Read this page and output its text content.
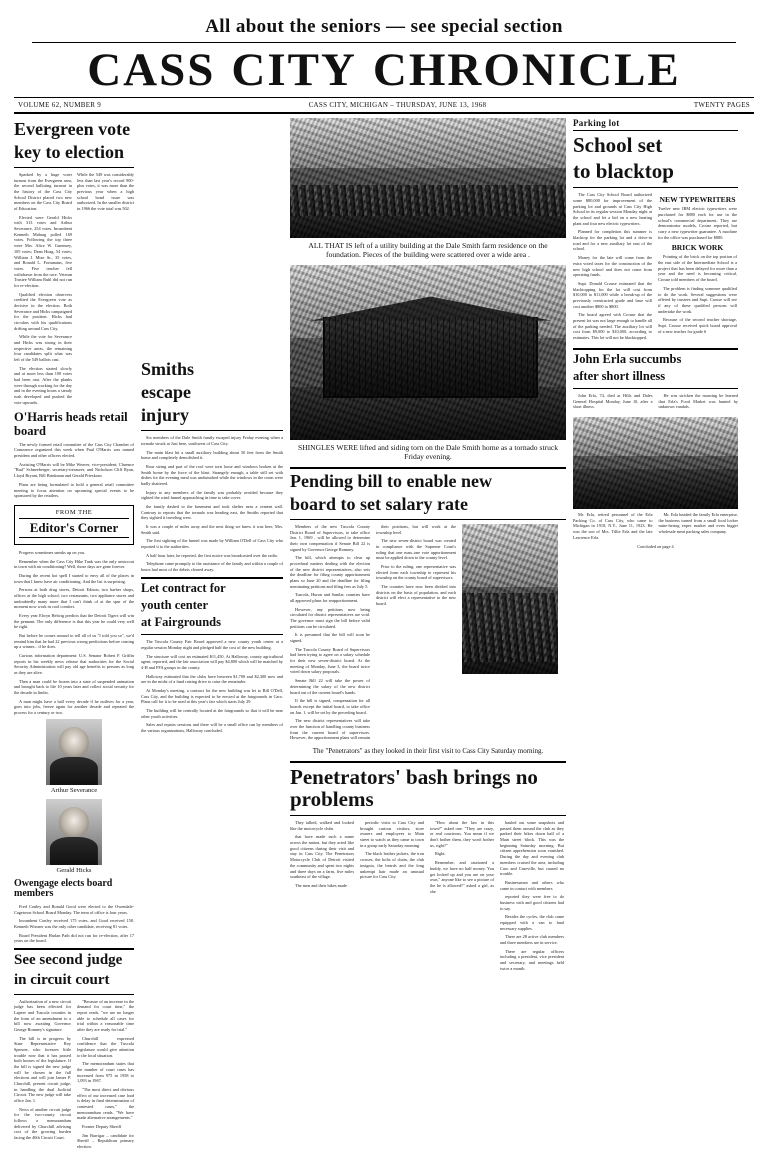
All about the seniors — see special section
CASS CITY CHRONICLE
VOLUME 62, NUMBER 9	CASS CITY, MICHIGAN – THURSDAY, JUNE 13, 1968	TWENTY PAGES
Evergreen vote
key to election

Sparked by a huge voter turnout from the Evergreen area, the second balloting turnout in the history of the Cass City School District placed two new members on the Cass City Board of Education.

Elected were Gerald Hicks with 313 votes and Arthur Severance, 254 votes. Incumbent Kenneth Maharg polled 169 votes. Following the top three were Mrs. Alice W. Guernsey, 105 votes; Dean Hoag, 54 votes; William J. Mize Sr., 35 votes, and Ronald L. Fortunatus, five votes. Five teacher fell withdrawn from the race. Veteran Trustee William Ruhl did not run for re-election.

Qualified election observers credited the Evergreen vote as decisive in the election. Both Severance and Hicks campaigned for the position. Hicks had circulars with his qualifications drifting around Cass City.

While the vote for Severance and Hicks was strong in their respective areas, the remaining four candidates split what was left of the 549 ballots cast.

The election started slowly and at noon less than 100 votes had been cast. After the planks were through working for the day and in the evening hours a steady rush developed and pushed the vote upwards.

While the 549 was considerably less than last year's record 900-plus votes, it was more than the previous year when a high school bond issue was authorized. In the smaller district in 1966 the vote total was 502.
O'Harris heads retail board

The newly formed retail committee of the Cass City Chamber of Commerce organized this week when Paul O'Harris was named president and other officers elected.

Assisting O'Harris will be Mike Weaver, vice-president; Clarence "Bud" Schneeberger, secretary-treasurer, and Nicholson Cliff Ryan, Lloyd Bryant, Bill Brinkman and Gerald Prieskorn.

Plans are being formulated to hold a general retail committee meeting to focus attention on upcoming special events to be sponsored by the retailers.

FROM THE
Editor's Corner

Progress sometimes sneaks up on you.

Remember when the Cass City Hike Tank was the only aristocrat in town with air conditioning? Well, those days are gone forever.

During the recent hot spell I started to envy all of the places in town that I knew have air conditioning. And the list is surprising.

Persons at both drug stores, Detroit Edison, two barber shops, offices at the high school, two restaurants, two appliance stores and undoubtedly many more that I can't think of at the spur of the moment now work in cool comfort.

Every year Elwyn Helwig predicts that the Detroit Tigers will win the pennant. The only difference is that this year he could very well be right.

But before he comes around to tell all of us "I told you so", we'd remind him that he had 22 previous wrong predictions before coming up a winner... if he does.

Curious information department: U.S. Senator Robert F. Griffin reports in his weekly news release that authorities for the Social Security Administration will pay old age benefits to persons as long as they are alive.

Then a man could be frozen into a state of suspended animation and brought back to life 10 years later and collect social security for the decade in limbo.

A man might have a ball every decade if he outlives for a year, goes into jobs, freeze again for another decade and repeated the process for a century or two.

Arthur Severance
Gerald Hicks
Owengage elects board members

Fred Conley and Ronald Good were elected to the Owendale-Cagetown School Board Monday. The term of office is four years.

Incumbent Conley received 175 votes, and Good received 158. Kenneth Wissner was the only other candidate, receiving 81 votes.

Board President Harlan Path did not run for re-election, after 17 years on the board.

See second judge
in circuit court

Authorization of a new circuit judge has been effected for Lapeer and Tuscola counties in the form of an amendment to a bill now awaiting Governor George Romney's signature.

The bill is in progress by State Representative Roy Spencer, who foresees little trouble now that it has passed both houses of the legislature. If the bill is signed the new judge will be chosen in the fall elections and will join James P. Churchill, present circuit judge, in handling the dual Judicial Circuit. The new judge will take office Jan. 1.

News of another circuit judge for the two-county circuit follows a memorandum delivered by Churchill advising cost of the growing burden facing the 40th Circuit Court.

"Because of an increase in the demand for court time," the report reads, "we are no longer able to schedule all cases for trial within a reasonable time after they are ready for trial."

Churchill expressed confidence that the Tuscola legislature would give attention to the local situation.

The memorandum states that the number of court cases has increased from 975 in 1958 to 1,093 in 1967.

"The most direct and obvious effect of our increased case load is delay in final determination of contested cases," the memorandum reads. "We have made alternative arrangements."

Former Deputy Sheriff

Jim Barrigar – candidate for Sheriff – Republican primary election.

Smiths
escape
injury

Six members of the Dale Smith family escaped injury Friday evening when a tornado struck at Just here, southwest of Cass City.

The main blast hit a small auxiliary building about 50 feet from the Smith home and completely demolished it.

Roar sizing and part of the roof were torn loose and windows broken at the Smith home by the force of the blast. Strangely enough, a table still set with dishes for the evening meal was undisturbed while the windows in the room were badly shattered.

Injury to any members of the family was probably avoided because they sighted the wind funnel approaching in time to take cover.

the family dashed to the basement and took shelter near a cement wall. Contrary to reports that the tornado was heading east, the Smiths reported that they sighted it traveling west.

It was a couple of miles away and the next thing we knew it was here, Mrs. Smith said.

The first sighting of the funnel was made by William O'Dell of Cass City who reported it to the authorities.

A half hour later, he reported, the first notice was broadcasted over the radio.

Telephone came promptly to the assistance of the family and within a couple of hours had most of the debris cleared away.

Let contract for
youth center
at Fairgrounds

The Tuscola County Fair Board approved a new county youth center at a regular session Monday night and pledged half the cost of the new building.

The structure will cost an estimated $11,450. At Halloway, county agricultural agent, reported, and the fair association will pay $4,800 which will be matched by 4-H and FFA groups in the county.

Halloway estimated that the clubs have between $1,700 and $2,300 now and are in the midst of a fund raising drive to raise the remainder.

At Monday's meeting, a contract for the new building was let to Bill O'Dell, Cass City, and the building is expected to be erected at the fairgrounds in Caro. Plans call for it to be used at this year's fair which starts July 29.

The building will be centrally located at the fairgrounds so that it will be near other youth activities.

Sales and repairs sessions and there will be a small office run by members of the various organizations, Halloway concluded.

ALL THAT IS left of a utility building at the Dale Smith farm residence on the foundation. Pieces of the building were scattered over a wide area .
SHINGLES WERE lifted and siding torn on the Dale Smith home as a tornado struck Friday evening.
Pending bill to enable new
board to set salary rate

Members of the new Tuscola County District Board of Supervisors, to take office Jan. 1, 1969 , will be allowed to determine their own compensation if Senate Bill 22 is signed by Governor George Romney.

The bill, which attempts to clear up procedural matters dealing with the election of the new district representatives, also sets the deadline for filing county apportionment plans so June 20 and the deadline for filing nominating petitions and filing fees as July 5.

Tuscola, Huron and Sanilac counties have all approved plans for reapportionment.

However, any petitions now being circulated for district representatives are void. The governor must sign the bill before valid petitions can be circulated.

It is presumed that the bill will soon be signed.

The Tuscola County Board of Supervisors had been trying to agree on a salary schedule for their new seven-district board. At the meeting of Monday, June 3, the board twice voted down salary proposals.

Senate Bill 22 will take the power of determining the salary of the new district board out of the current board's hands.

If the bill is signed, compensation for all boards except the initial board, to take office on Jan. 1, will be set by the preceding board.

The new district representatives will take over the function of handling county business from the current board of supervisors. However, the apportionment plans will remain

their positions, but will work at the township level.

The new seven-district board was created in compliance with the Supreme Court's ruling that one man–one vote apportionment must be applied down to the county level.

Prior to the ruling, one representative was elected from each township to represent his township on the county board of supervisors.

The counties have now been divided into districts on the basis of population, and each district will elect a representative to the new board.

The "Penetrators" as they looked in their first visit to Cass City Saturday morning.
Penetrators' bash brings no problems

They talked, walked and looked like the motorcycle clubs

that have made such a name across the nation, but they acted like good citizens during their visit and stay in Cass City. The Penetrators Motorcycle Club of Detroit visited the community and spent two nights and three days on a farm, five miles southeast of the village.

The men and their bikes made

periodic visits to Cass City and brought curious visitors, store owners and employees to Main street to watch as they came to town in a group early Saturday morning.

The black leather jackets, the iron crosses, the bolts of chain, the club insignia, the beards and the long unkempt hair made an unusual picture for Cass City.

"How about the law in this town?" asked one. "They are crazy, or real courteous. You mean if we don't bother them, they won't bother us, right?"

Right.

Remember, and cautioned a buddy, we have no half money. You get locked up and you are on your own," anyone like to see a picture of the he is allowed?" asked a girl, as she

hauled out some snapshots and passed them around the club as they parked their bikes down half of a Main street block. This was the beginning Saturday morning. But citizen apprehension soon vanished. During the day and evening club members cruised the area, including Caro and Caseville, but caused no trouble.

Businessmen and others who came in contact with members

reported they were free to do business with and good citizens had to say.

Besides the cycles, the club came equipped with a van to haul necessary supplies.

There are 28 active club members and three members are in service.

There are regular officers including a president, vice president and secretary, and meetings held twice a month.

Parking lot
School set
to blacktop

The Cass City School Board authorized some $80,000 for improvement of the parking lot and grounds at Cass City High School in its regular session Monday night at the school and let a bid on a new heating plant and four new electric typewriters.

Planned for completion this summer is blacktop for the parking lot and a drive-in road and for a new auxiliary lot east of the school.

Money for the late will come from the extra voted taxes for the construction of the new high school and does not come from operating funds.

Supt. Donald Crouse estimated that the blacktopping for the lot will cost from $10,000 to $11,000 while a break-up of the previously constructed grade and base will cost another $800 to $800.

The board agreed with Crouse that the present lot was not large enough to handle all of the parking needed. The auxiliary lot will cost from $9,000 to $10,000, according to estimates. This lot will not be blacktopped.

NEW TYPEWRITERS
Twelve new IBM electric typewriters were purchased for $880 each for use in the school's commercial department. They are demonstrator models, Crouse reported, but carry a new typewriter guarantee. A machine for the office was purchased for $880.
BRICK WORK

Pointing of the brick on the top portion of the east side of the Intermediate School is a project that has been delayed for more than a year and the need is becoming critical, Crouse told members of the board.

The problem is finding someone qualified to do the work. Several suggestions were offered by trustees and Supt. Crouse will see if any of these qualified persons will undertake the work.

Because of the second teacher shortage, Supt. Crouse received quick board approval of a new teacher for grade 6

John Erla succumbs
after short illness

John Erla, 74, died at Hills and Dales General Hospital Monday, June 10, after a short illness.

He was stricken the morning he learned that Erla's Food Market was hunted by unknown vandals.

Mr. Erla, retired personnel of the Erla Packing Co. of Cass City, who came to Michigan in 1918, N.Y., June 11, 1923. He was the son of Mrs. Tillie Erla and the late Lawrence Erla.

Mr. Erla headed the family Erla enterprise, the business turned from a small food locker mine-hering exper market and even bigger wholesale meat packing sales company.

Concluded on page 4
